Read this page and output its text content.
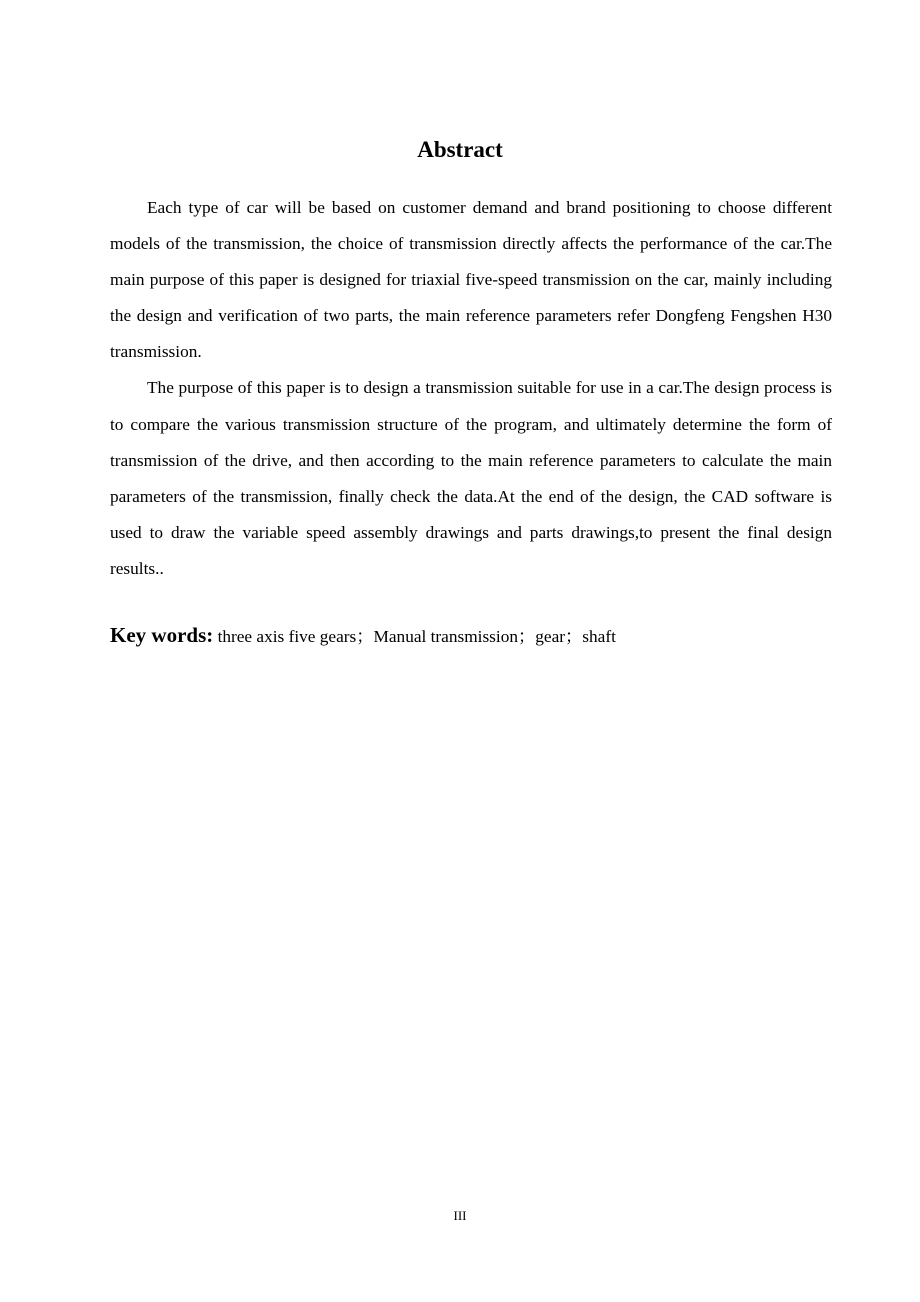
Abstract

Each type of car will be based on customer demand and brand positioning to choose different models of the transmission, the choice of transmission directly affects the performance of the car.The main purpose of this paper is designed for triaxial five-speed transmission on the car, mainly including the design and verification of two parts, the main reference parameters refer Dongfeng Fengshen H30 transmission.

The purpose of this paper is to design a transmission suitable for use in a car.The design process is to compare the various transmission structure of the program, and ultimately determine the form of transmission of the drive, and then according to the main reference parameters to calculate the main parameters of the transmission, finally check the data.At the end of the design, the CAD software is used to draw the variable speed assembly drawings and parts drawings,to present the final design results..

Key words: three axis five gears；Manual transmission；gear；shaft

III
